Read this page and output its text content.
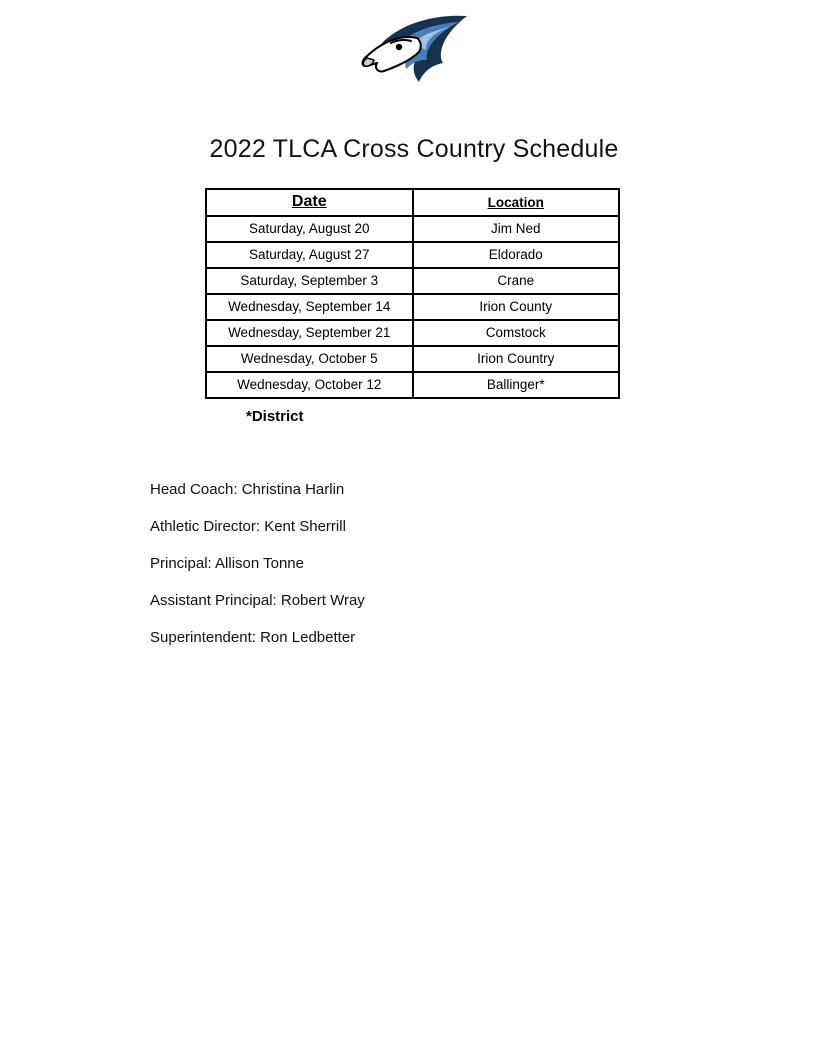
2022 TLCA Cross Country Schedule
Date	Location
Saturday, August 20	Jim Ned
Saturday, August 27	Eldorado
Saturday, September 3	Crane
Wednesday, September 14	Irion County
Wednesday, September 21	Comstock
Wednesday, October 5	Irion Country
Wednesday, October 12	Ballinger*
*District

Head Coach: Christina Harlin

Athletic Director: Kent Sherrill

Principal: Allison Tonne

Assistant Principal: Robert Wray

Superintendent: Ron Ledbetter
